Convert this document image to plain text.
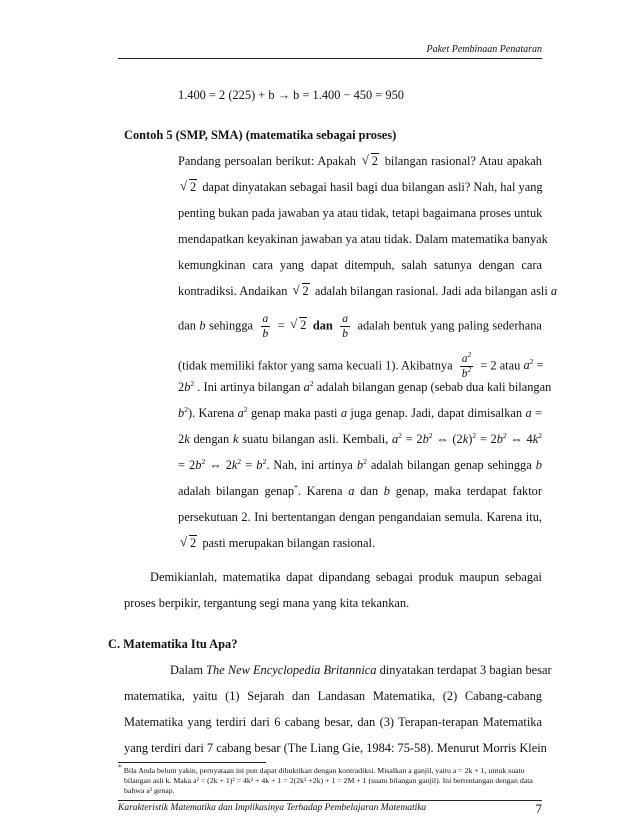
Paket Pembinaan Penataran
1.400 = 2 (225) + b → b = 1.400 − 450 = 950
Contoh 5 (SMP, SMA) (matematika sebagai proses)
Pandang persoalan berikut: Apakah √ 2 bilangan rasional? Atau apakah
√ 2 dapat dinyatakan sebagai hasil bagi dua bilangan asli? Nah, hal yang
penting bukan pada jawaban ya atau tidak, tetapi bagaimana proses untuk
mendapatkan keyakinan jawaban ya atau tidak. Dalam matematika banyak
kemungkinan cara yang dapat ditempuh, salah satunya dengan cara
kontradiksi. Andaikan √ 2 adalah bilangan rasional. Jadi ada bilangan asli a
dan b sehingga $\frac{a}{b}$ = √ 2 dan $\frac{a}{b}$ adalah bentuk yang paling sederhana
(tidak memiliki faktor yang sama kecuali 1). Akibatnya $\frac{a^2}{b^2} = 2$ atau $a^2$ =
$2b^2$ . Ini artinya bilangan $a^2$ adalah bilangan genap (sebab dua kali bilangan
$b^2$). Karena $a^2$ genap maka pasti a juga genap. Jadi, dapat dimisalkan a =
2k dengan k suatu bilangan asli. Kembali, $a^2 = 2b^2$ ⇔ $(2k)^2 = 2b^2$ ⇔ $4k^2$
= $2b^2$ ⇔ $2k^2 = b^2$. Nah, ini artinya $b^2$ adalah bilangan genap sehingga b
adalah bilangan genap*. Karena a dan b genap, maka terdapat faktor
persekutuan 2. Ini bertentangan dengan pengandaian semula. Karena itu,
√ 2 pasti merupakan bilangan rasional.
Demikianlah, matematika dapat dipandang sebagai produk maupun sebagai
proses berpikir, tergantung segi mana yang kita tekankan.
C. Matematika Itu Apa?
Dalam The New Encyclopedia Britannica dinyatakan terdapat 3 bagian besar
matematika, yaitu (1) Sejarah dan Landasan Matematika, (2) Cabang-cabang
Matematika yang terdiri dari 6 cabang besar, dan (3) Terapan-terapan Matematika
yang terdiri dari 7 cabang besar (The Liang Gie, 1984: 75-58). Menurut Morris Klein
* Bila Anda belum yakin, pernyataan ini pun dapat dibuktikan dengan kontradiksi. Misalkan a ganjil, yaitu a = 2k + 1, untuk suatu
bilangan asli k. Maka a² = (2k + 1)² = 4k² + 4k + 1 = 2(2k² +2k) + 1 = 2M + 1 (suatu bilangan ganjil). Ini bertentangan dengan data
bahwa a² genap.
Karakteristik Matematika dan Implikasinya Terhadap Pembelajaran Matematika	7
